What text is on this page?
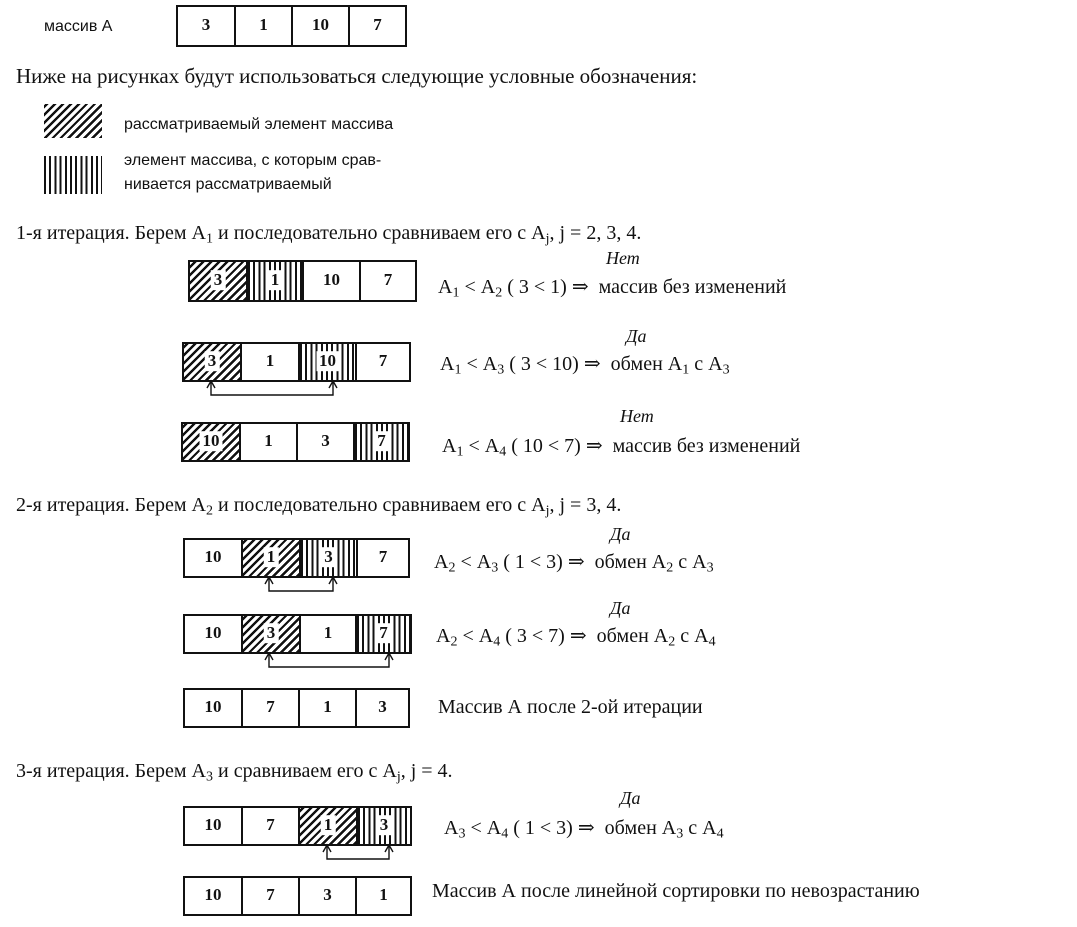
массив А	3	1	10	7
Ниже на рисунках будут использоваться следующие условные обозначения:
рассматриваемый элемент массива
элемент массива, с которым срав-
нивается рассматриваемый
1-я итерация. Берем $А_1$ и последовательно сравниваем его с $А_j$, j = 2, 3, 4.
Нет
3	1	10	7 $А_1 < А_2$ ( 3 < 1) ⇒ массив без изменений
Да
3	1	10	7	$А_1 < А_3$ ( 3 < 10) ⇒ обмен $А_1$ с $А_3$
Нет
10	1	3	7	$А_1 < А_4$ ( 10 < 7) ⇒ массив без изменений
2-я итерация. Берем $А_2$ и последовательно сравниваем его с $А_j$, j = 3, 4.
Да
10	1	3	7 $А_2 < А_3$ ( 1 < 3) ⇒ обмен $А_2$ с $А_3$
Да
10	3	1	7 $А_2 < А_4$ ( 3 < 7) ⇒ обмен $А_2$ с $А_4$
10	7	1	3	Массив А после 2-ой итерации
3-я итерация. Берем $А_3$ и сравниваем его с $А_j$, j = 4.
Да
10	7	1	3	$А_3 < А_4$ ( 1 < 3) ⇒ обмен $А_3$ с $А_4$
10	7	3	1 Массив А после линейной сортировки по невозрастанию
